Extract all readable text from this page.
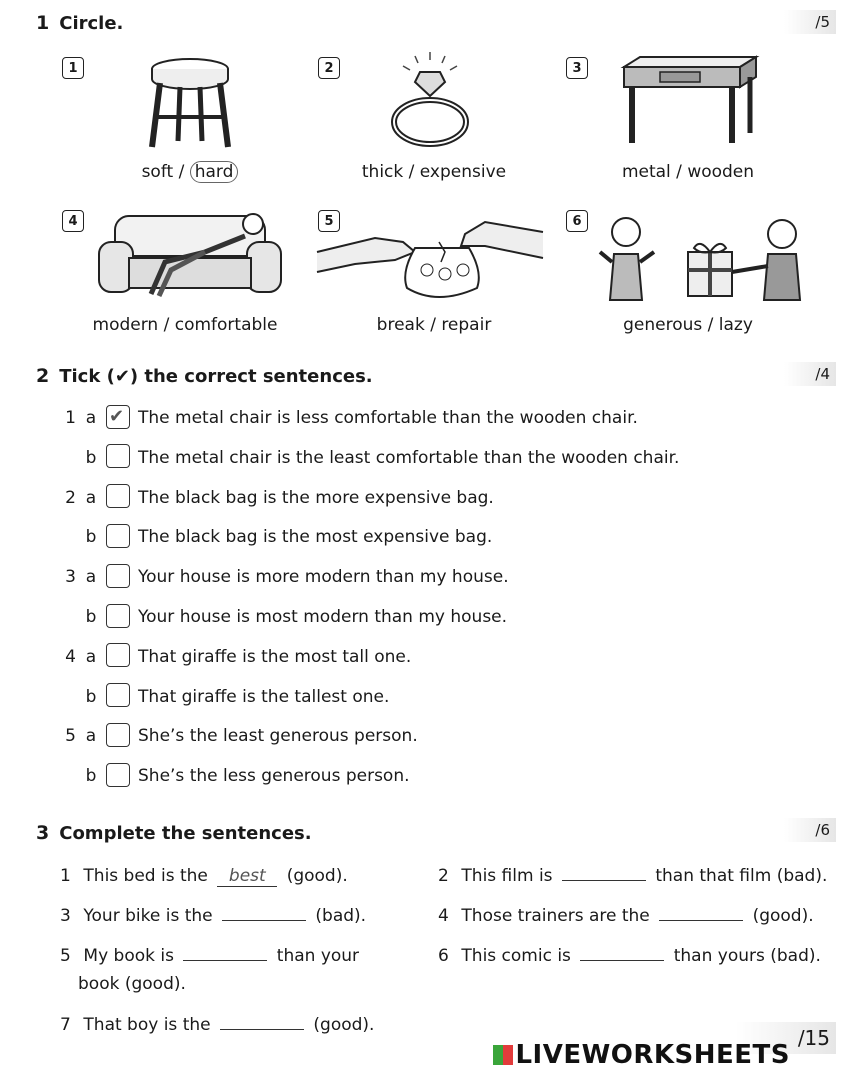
1 Circle.	/5
1
soft / hard
2
thick / expensive
3
metal / wooden
4
modern / comfortable
5
break / repair
6
generous / lazy
2 Tick (✔) the correct sentences.	/4
1 a ✔ The metal chair is less comfortable than the wooden chair.
b The metal chair is the least comfortable than the wooden chair.
2 a The black bag is the more expensive bag.
b The black bag is the most expensive bag.
3 a Your house is more modern than my house.
b Your house is most modern than my house.
4 a That giraffe is the most tall one.
b That giraffe is the tallest one.
5 a She’s the least generous person.
b She’s the less generous person.
3 Complete the sentences.	/6
1 This bed is the best (good).	2 This film is	than that film (bad).
3 Your bike is the	(bad).	4 Those trainers are the	(good).
5 My book is	than your
book (good).
6 This comic is	than yours (bad).
7 That boy is the	(good).
/15
LIVEWORKSHEETS
